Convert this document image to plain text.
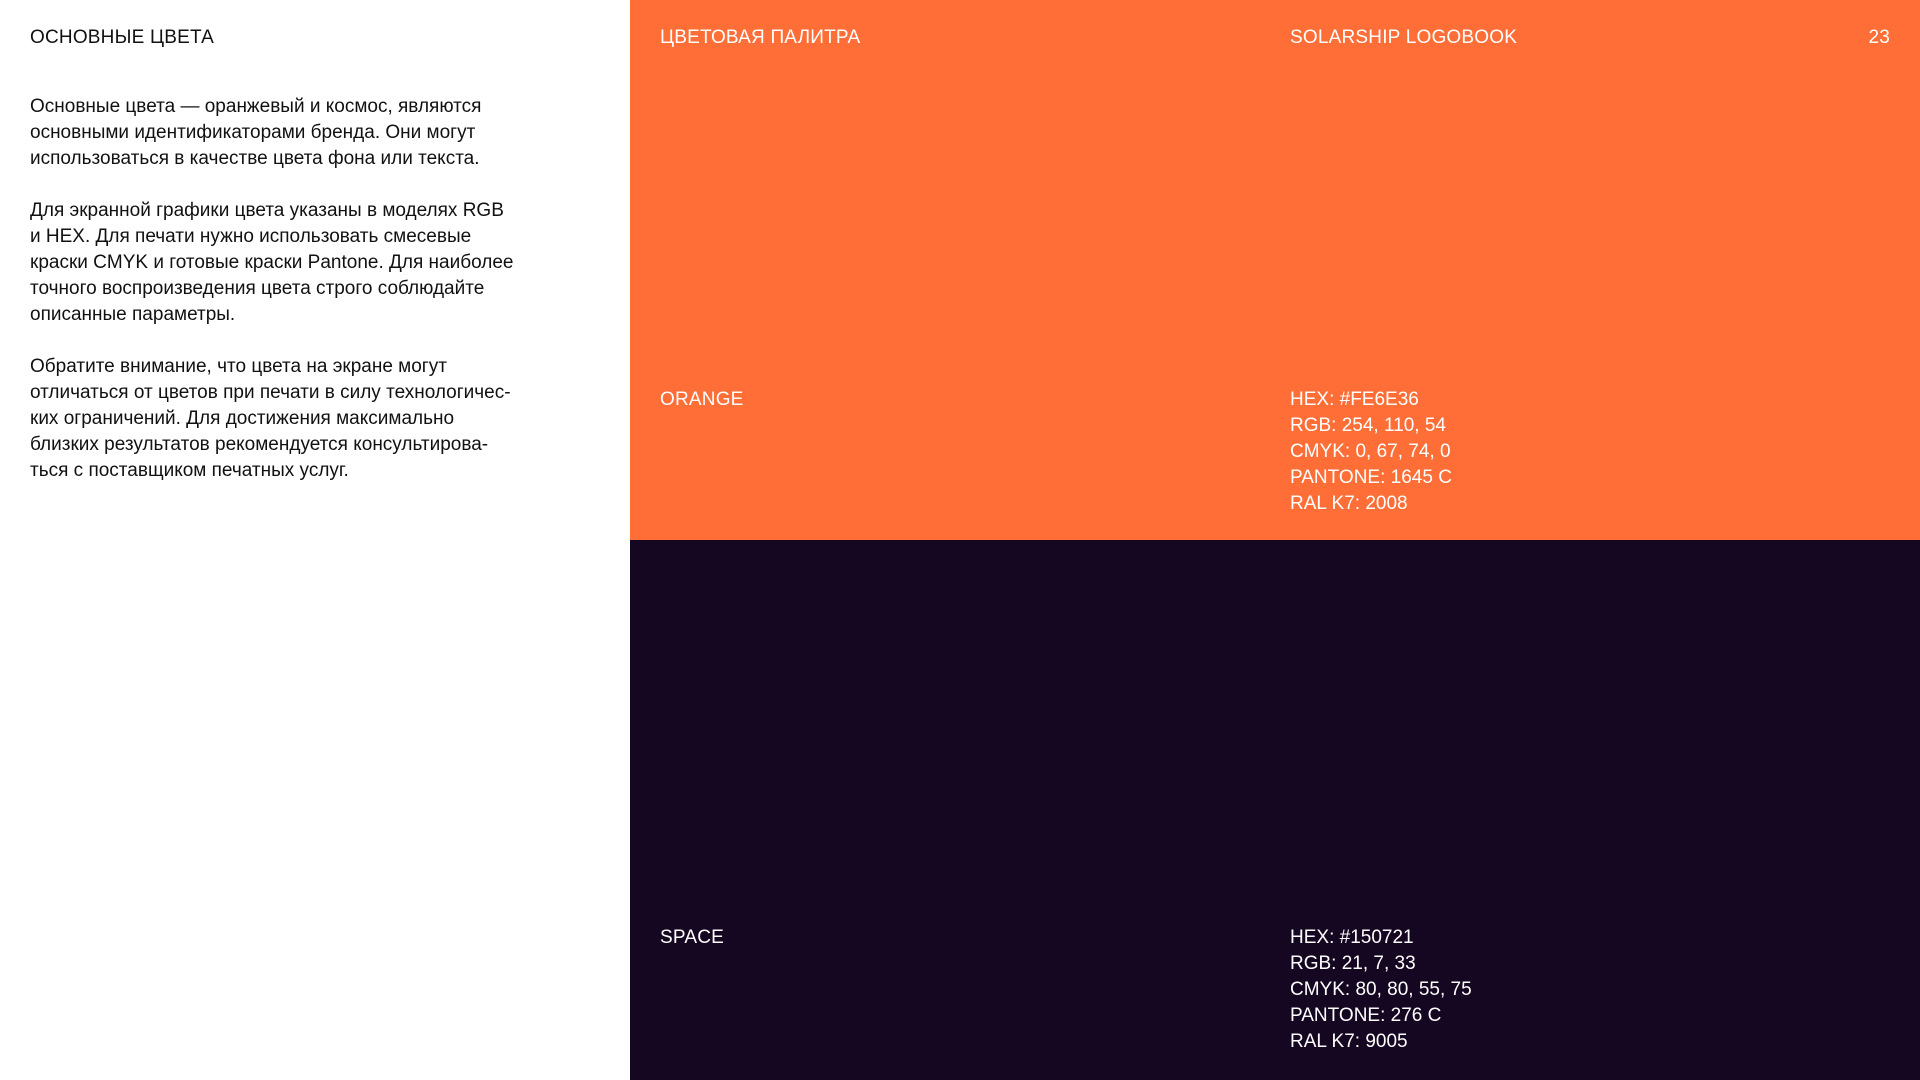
ОСНОВНЫЕ ЦВЕТА

Основные цвета — оранжевый и космос, являются
основными идентификаторами бренда. Они могут
использоваться в качестве цвета фона или текста.

Для экранной графики цвета указаны в моделях RGB
и HEX. Для печати нужно использовать смесевые
краски CMYK и готовые краски Pantone. Для наиболее
точного воспроизведения цвета строго соблюдайте
описанные параметры.

Обратите внимание, что цвета на экране могут
отличаться от цветов при печати в силу технологичес-
ких ограничений. Для достижения максимально
близких результатов рекомендуется консультирова-
ться с поставщиком печатных услуг.

ЦВЕТОВАЯ ПАЛИТРА	SOLARSHIP LOGOBOOK	23
ORANGE	HEX: #FE6E36
RGB: 254, 110, 54
CMYK: 0, 67, 74, 0
PANTONE: 1645 C
RAL K7: 2008
SPACE	HEX: #150721
RGB: 21, 7, 33
CMYK: 80, 80, 55, 75
PANTONE: 276 C
RAL K7: 9005
